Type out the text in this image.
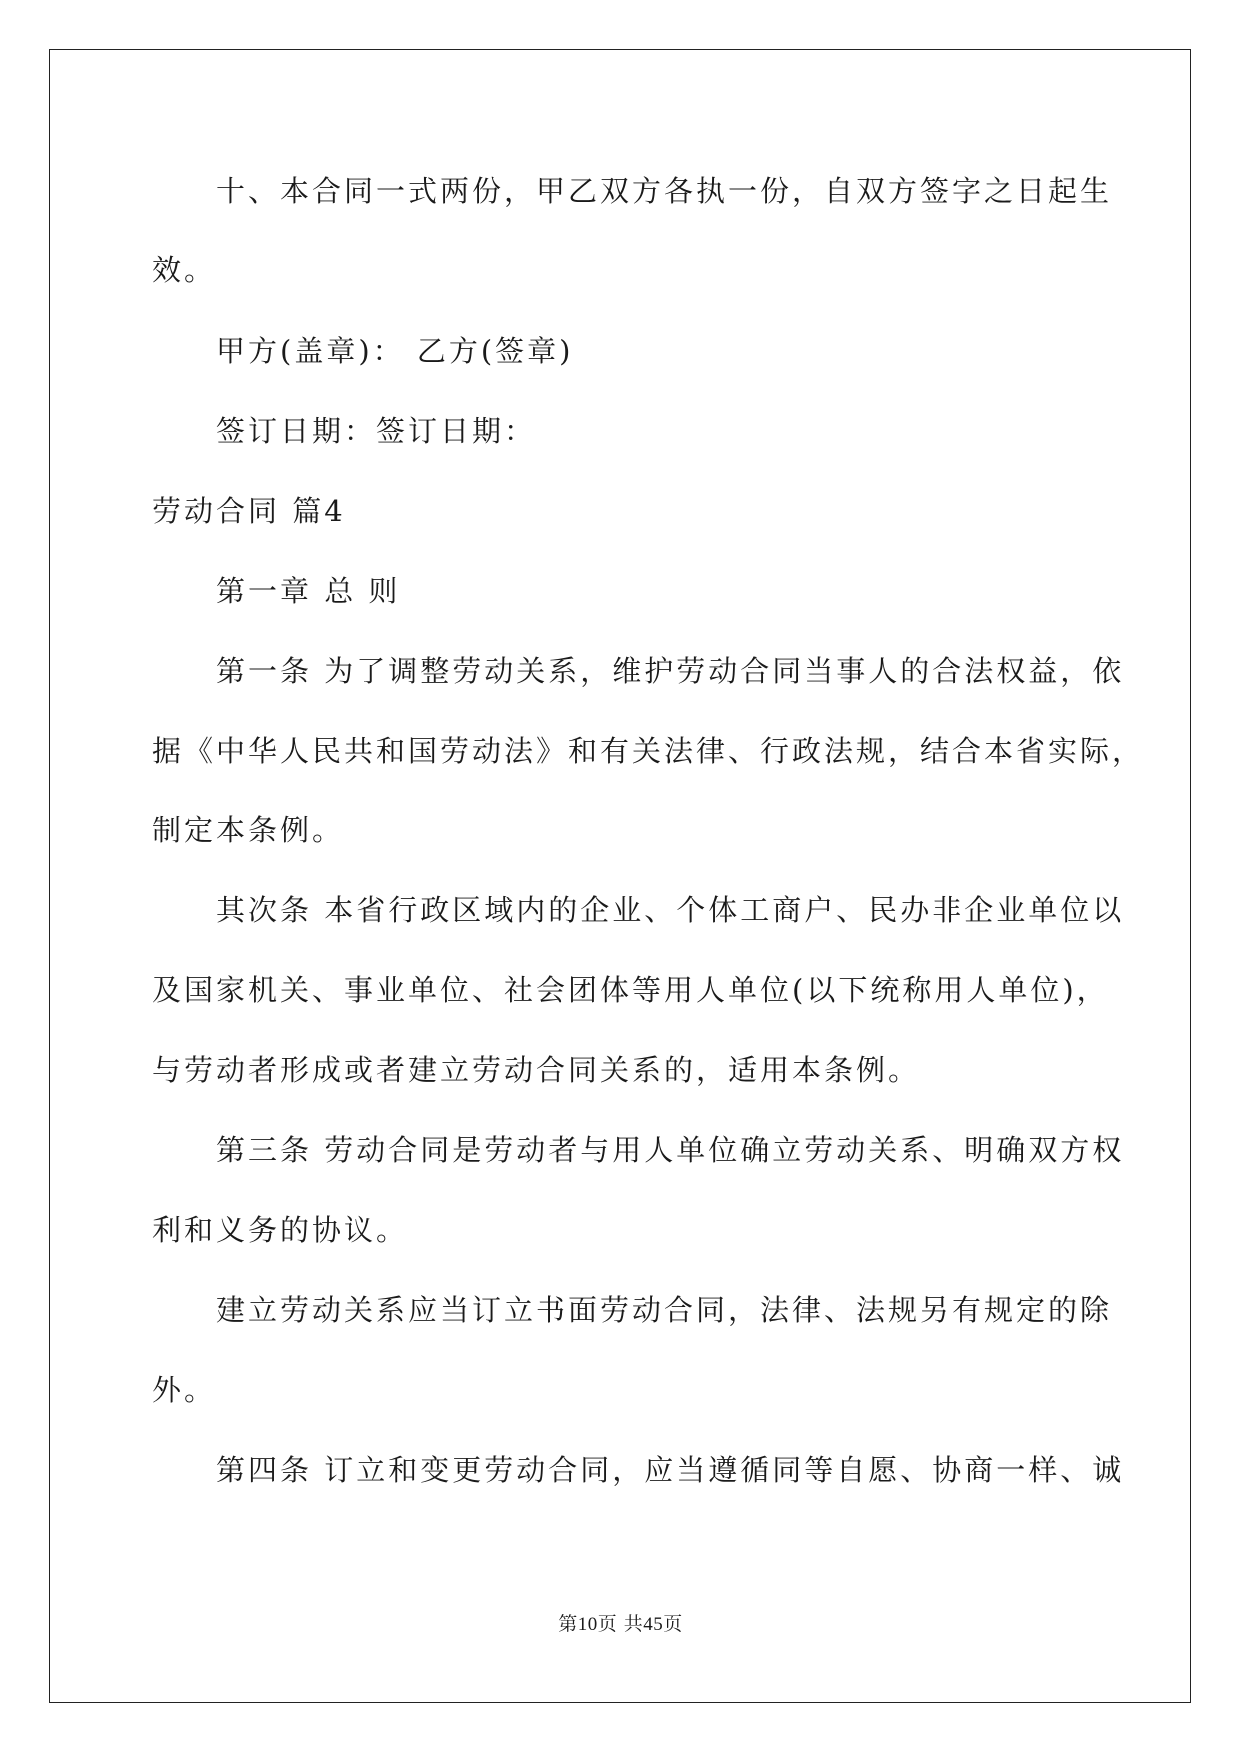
十、本合同一式两份，甲乙双方各执一份，自双方签字之日起生
效。
甲方(盖章)： 乙方(签章)
签订日期：签订日期：
劳动合同 篇4
第一章 总 则
第一条 为了调整劳动关系，维护劳动合同当事人的合法权益，依
据《中华人民共和国劳动法》和有关法律、行政法规，结合本省实际，
制定本条例。
其次条 本省行政区域内的企业、个体工商户、民办非企业单位以
及国家机关、事业单位、社会团体等用人单位(以下统称用人单位)，
与劳动者形成或者建立劳动合同关系的，适用本条例。
第三条 劳动合同是劳动者与用人单位确立劳动关系、明确双方权
利和义务的协议。
建立劳动关系应当订立书面劳动合同，法律、法规另有规定的除
外。
第四条 订立和变更劳动合同，应当遵循同等自愿、协商一样、诚
第10页 共45页
